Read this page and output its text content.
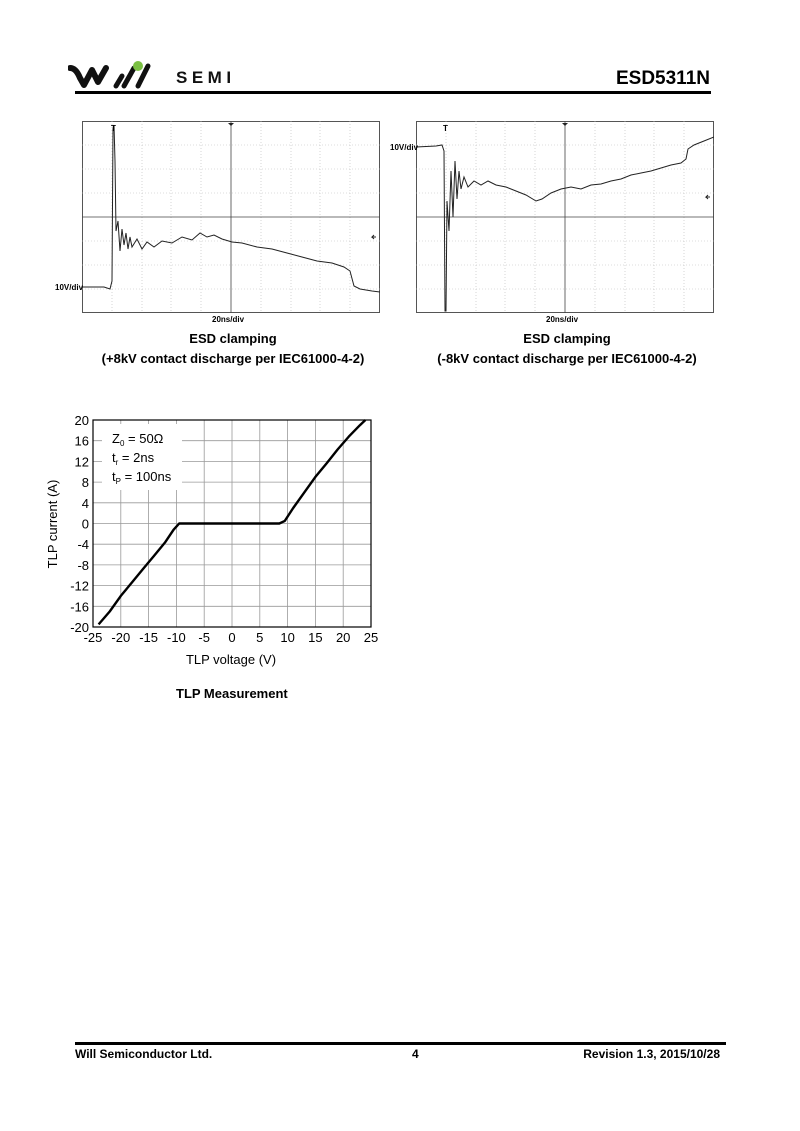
SEMI	ESD5311N
T
10V/div
20ns/div
ESD clamping
(+8kV contact discharge per IEC61000-4-2)
T
10V/div
20ns/div
ESD clamping
(-8kV contact discharge per IEC61000-4-2)
20
16
12
8
4
0
-4
-8
-12
-16
-20
-25 -20 -15 -10 -5 0 5 10 15 20 25
$Z_0 = 50\Omega$
$t_r = 2ns$
$t_P = 100ns$
TLP voltage (V)
TLP current (A)
TLP Measurement
Will Semiconductor Ltd.	4	Revision 1.3, 2015/10/28
